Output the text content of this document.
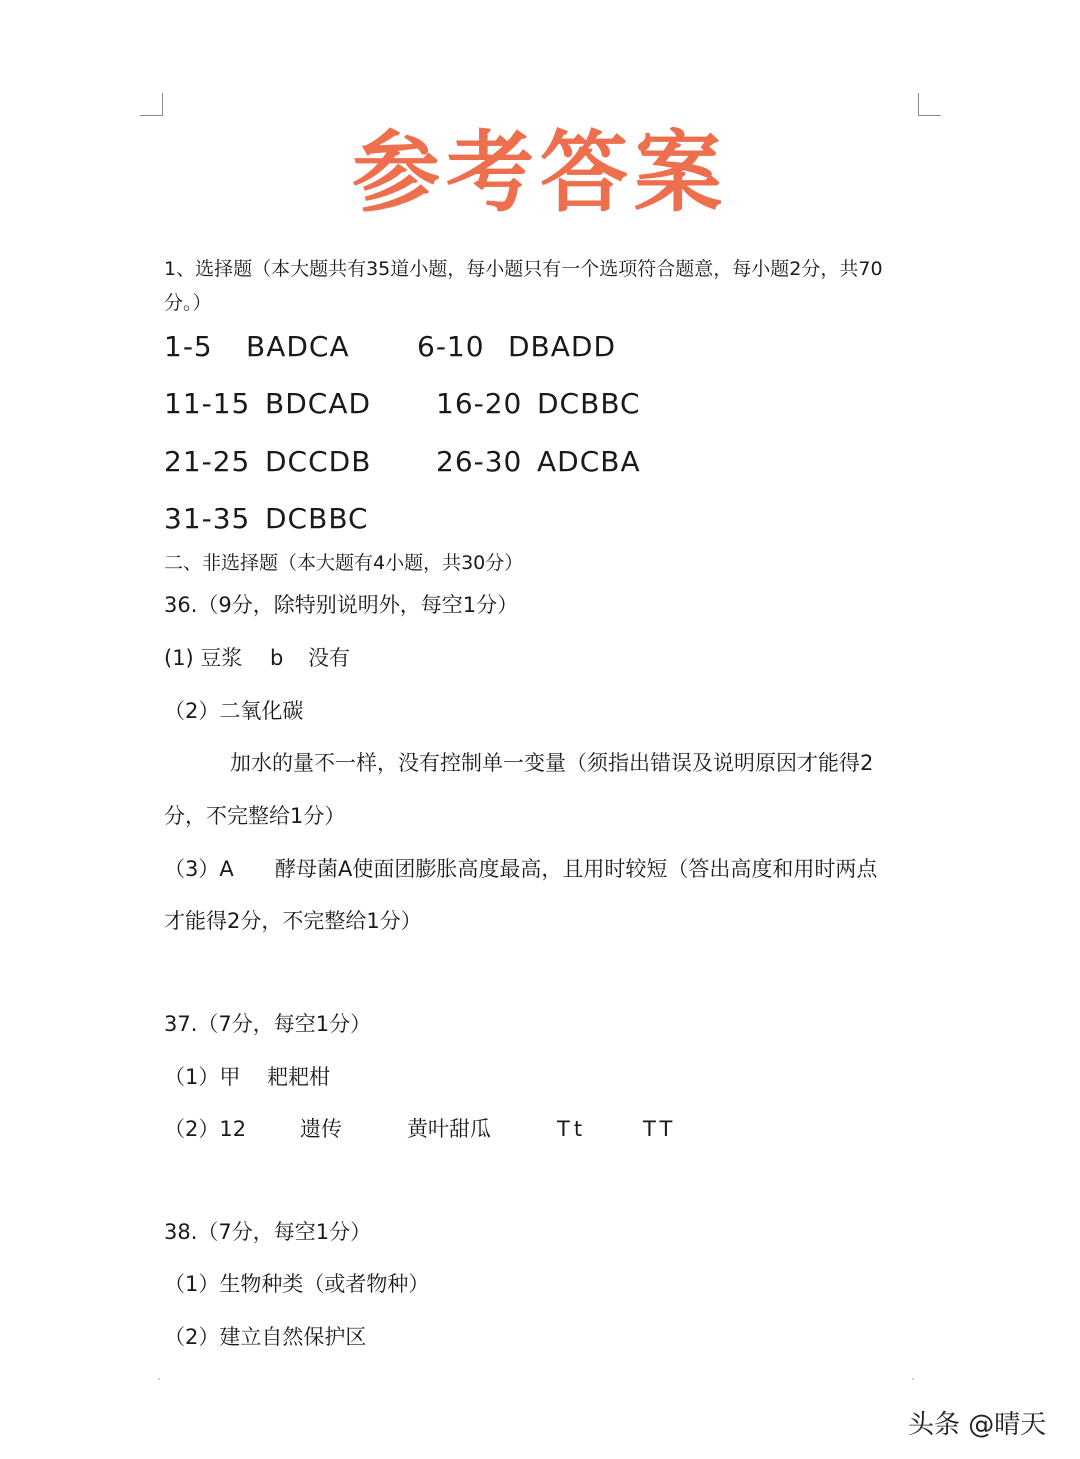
参考答案
1、选择题（本大题共有35道小题，每小题只有一个选项符合题意，每小题2分，共70
分。）
1-5 BADCA 6-10 DBADD
11-15 BDCAD 16-20 DCBBC
21-25 DCCDB 26-30 ADCBA
31-35 DCBBC
二、非选择题（本大题有4小题，共30分）
36.（9分，除特别说明外，每空1分）
(1) 豆浆 b 没有
（2）二氧化碳
加水的量不一样，没有控制单一变量（须指出错误及说明原因才能得2
分，不完整给1分）
（3）A 酵母菌A使面团膨胀高度最高，且用时较短（答出高度和用时两点
才能得2分，不完整给1分）
37.（7分，每空1分）
（1）甲 耙耙柑
（2）12	遗传	黄叶甜瓜	Tt	TT
38.（7分，每空1分）
（1）生物种类（或者物种）
（2）建立自然保护区
头条 @晴天
